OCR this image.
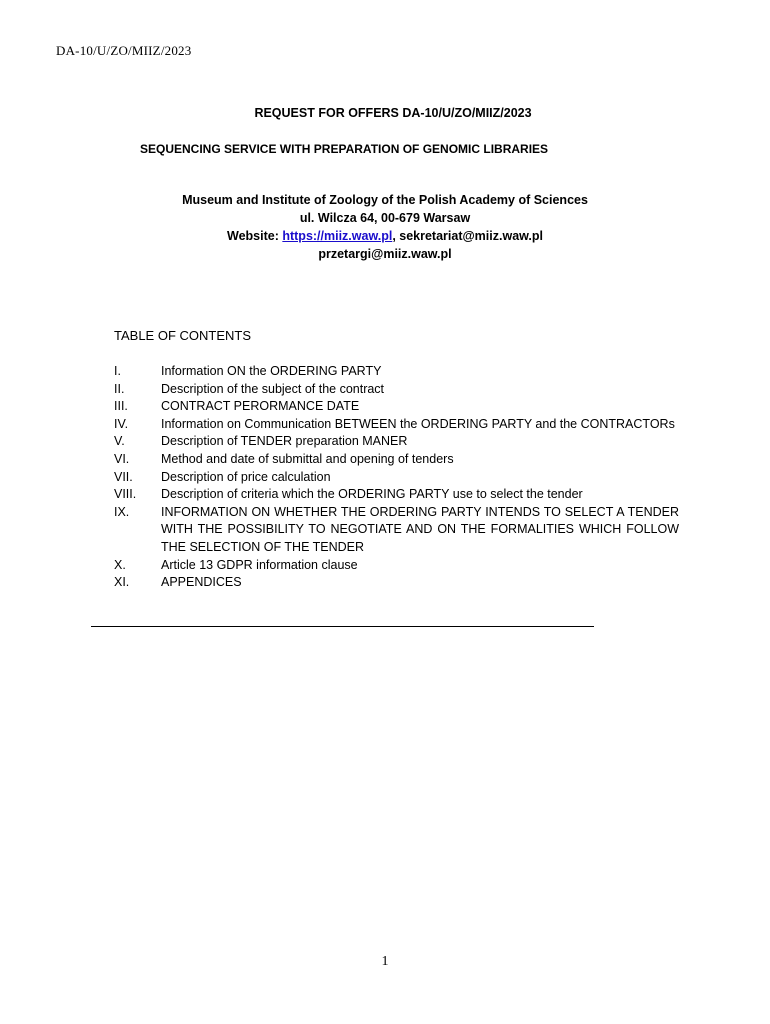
DA-10/U/ZO/MIIZ/2023
REQUEST FOR OFFERS DA-10/U/ZO/MIIZ/2023
SEQUENCING SERVICE WITH PREPARATION OF GENOMIC LIBRARIES
Museum and Institute of Zoology of the Polish Academy of Sciences
ul. Wilcza 64, 00-679 Warsaw
Website: https://miiz.waw.pl, sekretariat@miiz.waw.pl
przetargi@miiz.waw.pl
TABLE OF CONTENTS
I.	Information ON the ORDERING PARTY
II.	Description of the subject of the contract
III.	CONTRACT PERORMANCE DATE
IV.	Information on Communication BETWEEN the ORDERING PARTY and the CONTRACTORs
V.	Description of TENDER preparation MANER
VI.	Method and date of submittal and opening of tenders
VII.	Description of price calculation
VIII.	Description of criteria which the ORDERING PARTY use to select the tender
IX.	INFORMATION ON WHETHER THE ORDERING PARTY INTENDS TO SELECT A TENDER WITH THE POSSIBILITY TO NEGOTIATE AND ON THE FORMALITIES WHICH FOLLOW THE SELECTION OF THE TENDER
X.	Article 13 GDPR information clause
XI.	APPENDICES
1
